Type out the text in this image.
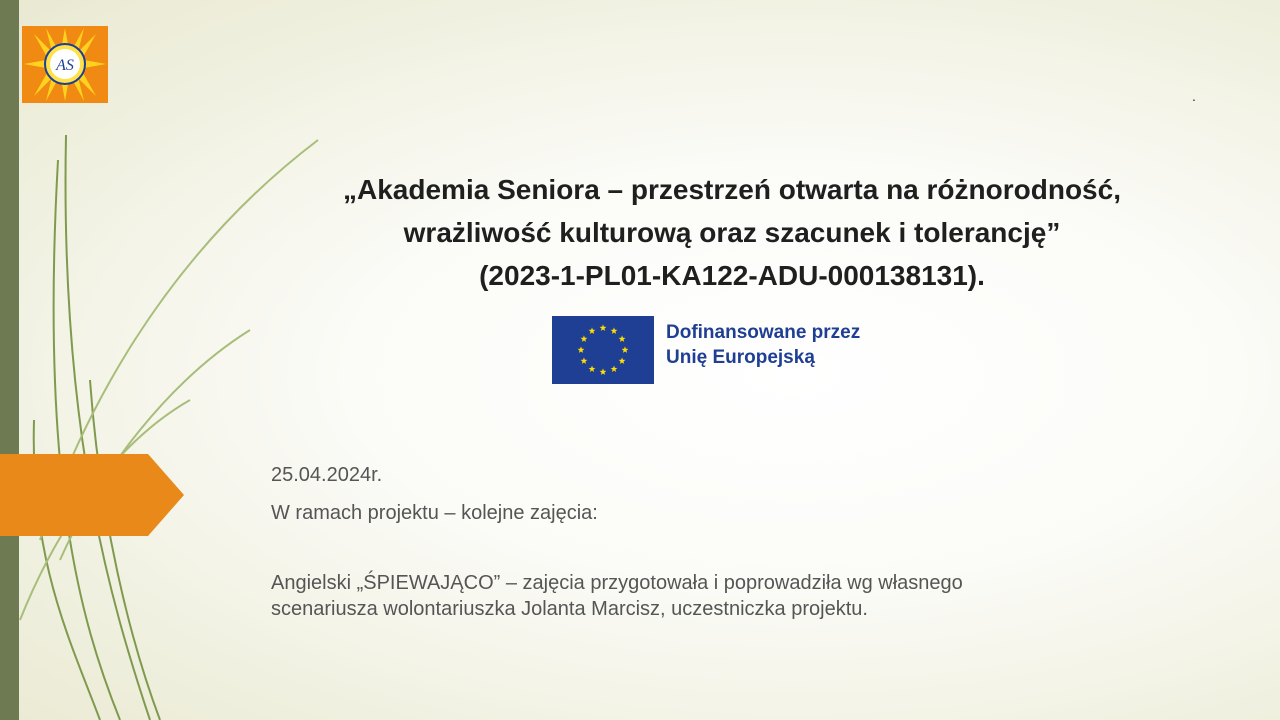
AS
.
„Akademia Seniora – przestrzeń otwarta na różnorodność,
wrażliwość kulturową oraz szacunek i tolerancję”
(2023-1-PL01-KA122-ADU-000138131).
Dofinansowane przez
Unię Europejską

25.04.2024r.

W ramach projektu – kolejne zajęcia:

Angielski „ŚPIEWAJĄCO” – zajęcia przygotowała i poprowadziła wg własnego

scenariusza wolontariuszka Jolanta Marcisz, uczestniczka projektu.
